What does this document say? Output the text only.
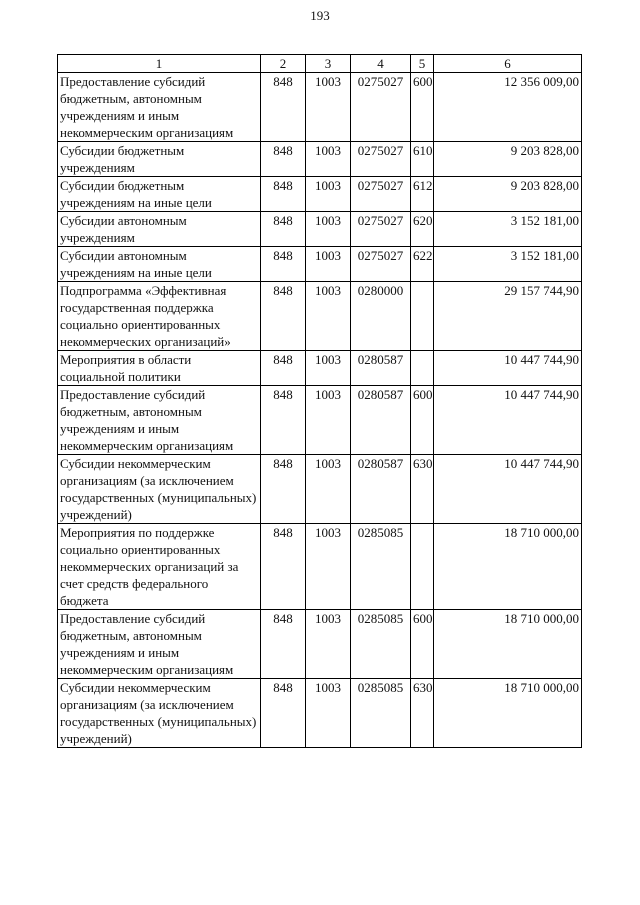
193
1	2	3	4	5	6
Предоставление субсидий бюджетным, автономным учреждениям и иным некоммерческим организациям	848	1003	0275027	600	12 356 009,00
Субсидии бюджетным учреждениям	848	1003	0275027	610	9 203 828,00
Субсидии бюджетным учреждениям на иные цели	848	1003	0275027	612	9 203 828,00
Субсидии автономным учреждениям	848	1003	0275027	620	3 152 181,00
Субсидии автономным учреждениям на иные цели	848	1003	0275027	622	3 152 181,00
Подпрограмма «Эффективная государственная поддержка социально ориентированных некоммерческих организаций»	848	1003	0280000		29 157 744,90
Мероприятия в области социальной политики	848	1003	0280587		10 447 744,90
Предоставление субсидий бюджетным, автономным учреждениям и иным некоммерческим организациям	848	1003	0280587	600	10 447 744,90
Субсидии некоммерческим организациям (за исключением государственных (муниципальных) учреждений)	848	1003	0280587	630	10 447 744,90
Мероприятия по поддержке социально ориентированных некоммерческих организаций за счет средств федерального бюджета	848	1003	0285085		18 710 000,00
Предоставление субсидий бюджетным, автономным учреждениям и иным некоммерческим организациям	848	1003	0285085	600	18 710 000,00
Субсидии некоммерческим организациям (за исключением государственных (муниципальных) учреждений)	848	1003	0285085	630	18 710 000,00
